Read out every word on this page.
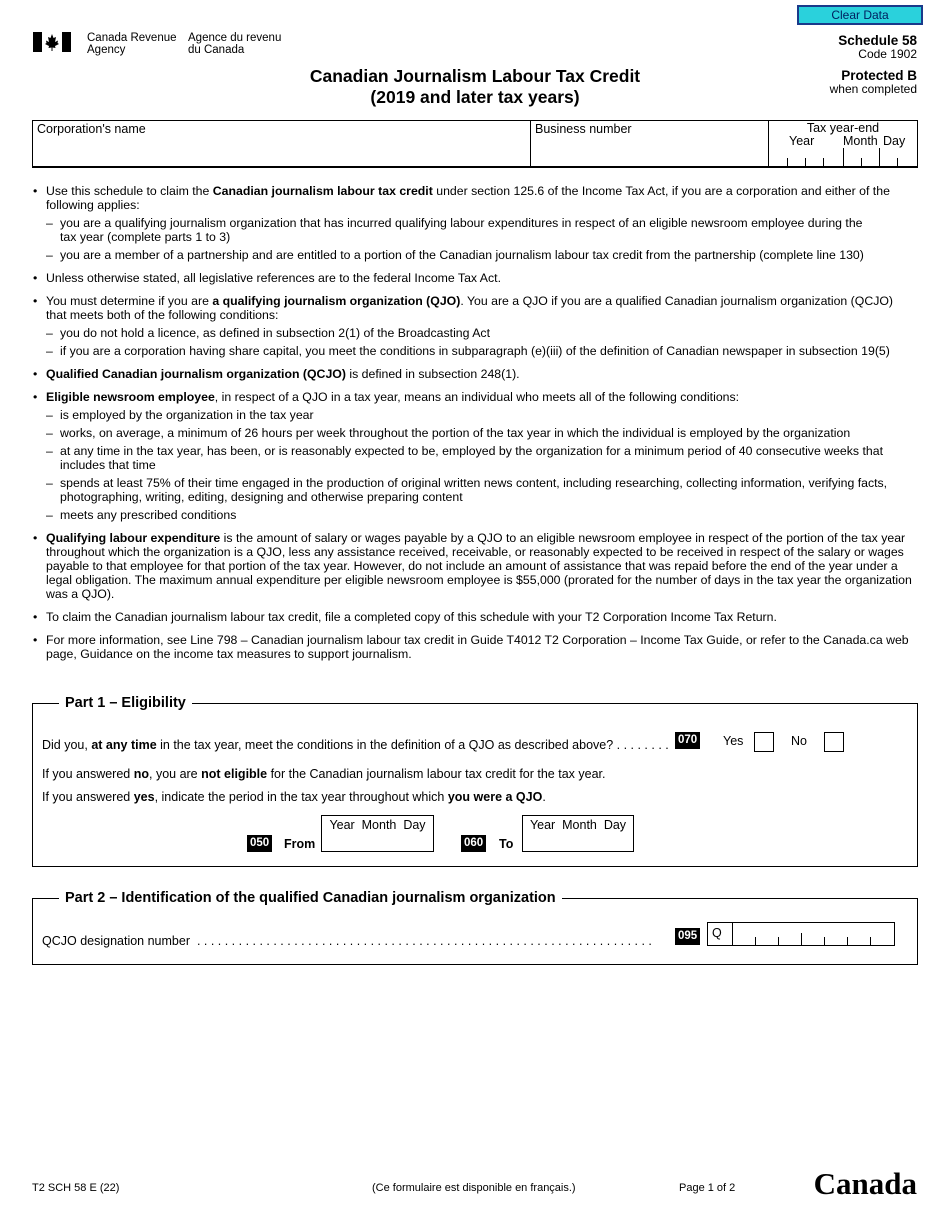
Clear Data
Canada Revenue
Agency
Agence du revenu
du Canada
Schedule 58
Code 1902
Protected B
when completed
Canadian Journalism Labour Tax Credit
(2019 and later tax years)
Corporation's name	Business number	Tax year-end
Year Month Day

• Use this schedule to claim the Canadian journalism labour tax credit under section 125.6 of the Income Tax Act, if you are a corporation and either of the following applies:

– you are a qualifying journalism organization that has incurred qualifying labour expenditures in respect of an eligible newsroom employee during the tax year (complete parts 1 to 3)

– you are a member of a partnership and are entitled to a portion of the Canadian journalism labour tax credit from the partnership (complete line 130)

• Unless otherwise stated, all legislative references are to the federal Income Tax Act.

• You must determine if you are a qualifying journalism organization (QJO). You are a QJO if you are a qualified Canadian journalism organization (QCJO) that meets both of the following conditions:

– you do not hold a licence, as defined in subsection 2(1) of the Broadcasting Act

– if you are a corporation having share capital, you meet the conditions in subparagraph (e)(iii) of the definition of Canadian newspaper in subsection 19(5)

• Qualified Canadian journalism organization (QCJO) is defined in subsection 248(1).

• Eligible newsroom employee, in respect of a QJO in a tax year, means an individual who meets all of the following conditions:

– is employed by the organization in the tax year

– works, on average, a minimum of 26 hours per week throughout the portion of the tax year in which the individual is employed by the organization

– at any time in the tax year, has been, or is reasonably expected to be, employed by the organization for a minimum period of 40 consecutive weeks that includes that time

– spends at least 75% of their time engaged in the production of original written news content, including researching, collecting information, verifying facts, photographing, writing, editing, designing and otherwise preparing content

– meets any prescribed conditions

• Qualifying labour expenditure is the amount of salary or wages payable by a QJO to an eligible newsroom employee in respect of the portion of the tax year throughout which the organization is a QJO, less any assistance received, receivable, or reasonably expected to be received in respect of the salary or wages payable to that employee for that portion of the tax year. However, do not include an amount of assistance that was repaid before the end of the year under a legal obligation. The maximum annual expenditure per eligible newsroom employee is $55,000 (prorated for the number of days in the tax year the organization was a QJO).

• To claim the Canadian journalism labour tax credit, file a completed copy of this schedule with your T2 Corporation Income Tax Return.

• For more information, see Line 798 – Canadian journalism labour tax credit in Guide T4012 T2 Corporation – Income Tax Guide, or refer to the Canada.ca web page, Guidance on the income tax measures to support journalism.

Part 1 – Eligibility
Did you, at any time in the tax year, meet the conditions in the definition of a QJO as described above? . . . . . . . . 070 Yes	No
If you answered no, you are not eligible for the Canadian journalism labour tax credit for the tax year.
If you answered yes, indicate the period in the tax year throughout which you were a QJO.
050 From
Year  Month  Day
060 To
Year  Month  Day
Part 2 – Identification of the qualified Canadian journalism organization
QCJO designation number . . . . . . . . . . . . . . . . . . . . . . . . . . . . . . . . . . . . . . . . . . . . . . . . . . . . . . . . . . . . . . . . . .	095 Q
T2 SCH 58 E (22)	(Ce formulaire est disponible en français.)	Page 1 of 2	Canada
